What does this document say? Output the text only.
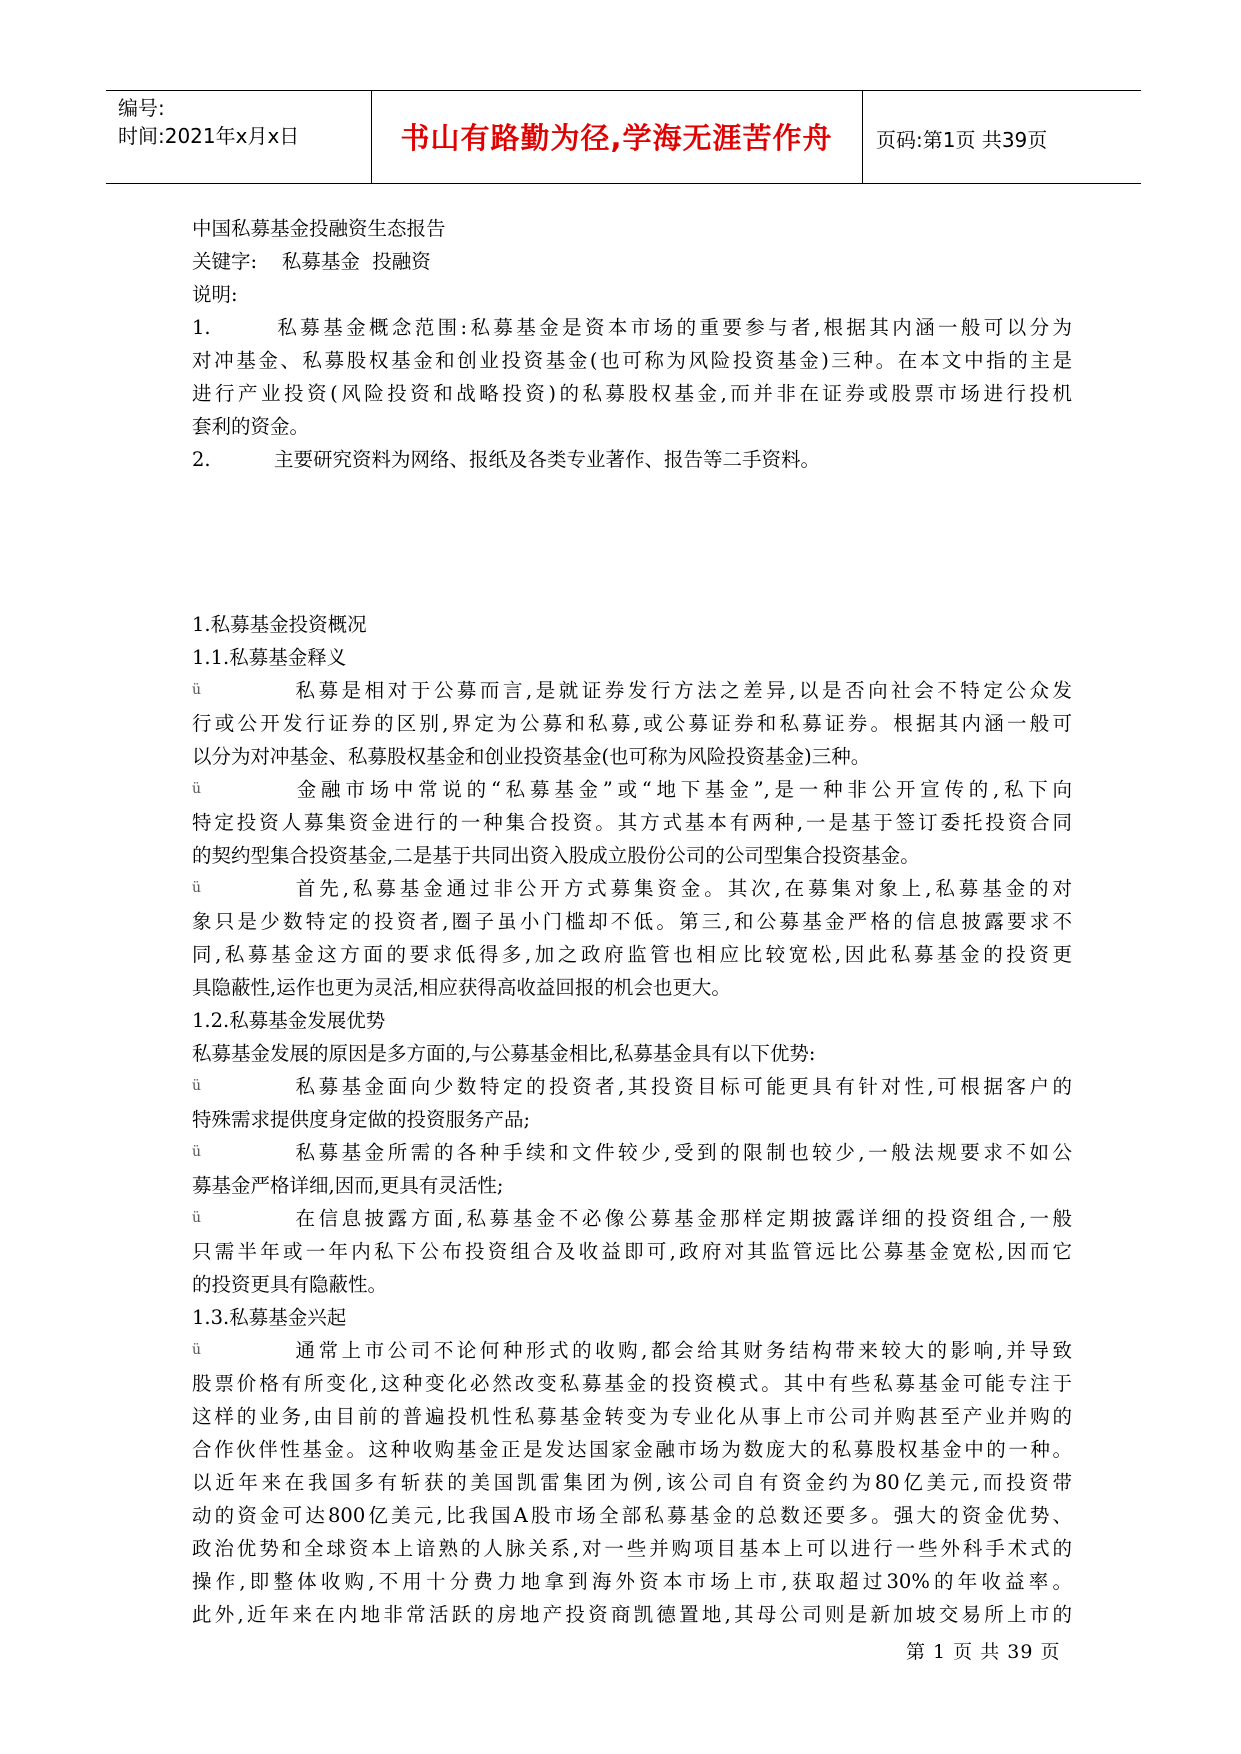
编号:
时间:2021年x月x日	书山有路勤为径,学海无涯苦作舟	页码:第1页 共39页
中国私募基金投融资生态报告
关键字:    私募基金  投融资
说明:
1.	私募基金概念范围:私募基金是资本市场的重要参与者,根据其内涵一般可以分为
对冲基金、私募股权基金和创业投资基金(也可称为风险投资基金)三种。在本文中指的主是
进行产业投资(风险投资和战略投资)的私募股权基金,而并非在证券或股票市场进行投机
套利的资金。
2.	主要研究资料为网络、报纸及各类专业著作、报告等二手资料。
1.私募基金投资概况
1.1.私募基金释义
ü	私募是相对于公募而言,是就证券发行方法之差异,以是否向社会不特定公众发
行或公开发行证券的区别,界定为公募和私募,或公募证券和私募证券。根据其内涵一般可
以分为对冲基金、私募股权基金和创业投资基金(也可称为风险投资基金)三种。
ü	金融市场中常说的“私募基金”或“地下基金”,是一种非公开宣传的,私下向
特定投资人募集资金进行的一种集合投资。其方式基本有两种,一是基于签订委托投资合同
的契约型集合投资基金,二是基于共同出资入股成立股份公司的公司型集合投资基金。
ü	首先,私募基金通过非公开方式募集资金。其次,在募集对象上,私募基金的对
象只是少数特定的投资者,圈子虽小门槛却不低。第三,和公募基金严格的信息披露要求不
同,私募基金这方面的要求低得多,加之政府监管也相应比较宽松,因此私募基金的投资更
具隐蔽性,运作也更为灵活,相应获得高收益回报的机会也更大。
1.2.私募基金发展优势
私募基金发展的原因是多方面的,与公募基金相比,私募基金具有以下优势:
ü	私募基金面向少数特定的投资者,其投资目标可能更具有针对性,可根据客户的
特殊需求提供度身定做的投资服务产品;
ü	私募基金所需的各种手续和文件较少,受到的限制也较少,一般法规要求不如公
募基金严格详细,因而,更具有灵活性;
ü	在信息披露方面,私募基金不必像公募基金那样定期披露详细的投资组合,一般
只需半年或一年内私下公布投资组合及收益即可,政府对其监管远比公募基金宽松,因而它
的投资更具有隐蔽性。
1.3.私募基金兴起
ü	通常上市公司不论何种形式的收购,都会给其财务结构带来较大的影响,并导致
股票价格有所变化,这种变化必然改变私募基金的投资模式。其中有些私募基金可能专注于
这样的业务,由目前的普遍投机性私募基金转变为专业化从事上市公司并购甚至产业并购的
合作伙伴性基金。这种收购基金正是发达国家金融市场为数庞大的私募股权基金中的一种。
以近年来在我国多有斩获的美国凯雷集团为例,该公司自有资金约为80亿美元,而投资带
动的资金可达800亿美元,比我国A股市场全部私募基金的总数还要多。强大的资金优势、
政治优势和全球资本上谙熟的人脉关系,对一些并购项目基本上可以进行一些外科手术式的
操作,即整体收购,不用十分费力地拿到海外资本市场上市,获取超过30%的年收益率。
此外,近年来在内地非常活跃的房地产投资商凯德置地,其母公司则是新加坡交易所上市的
第 1 页 共 39 页
